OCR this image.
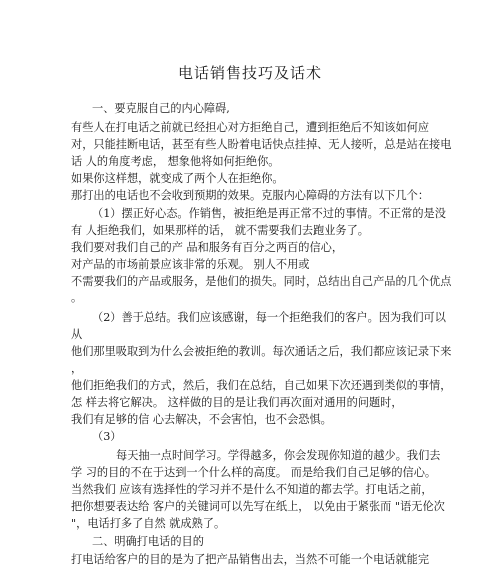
电话销售技巧及话术
一、要克服自己的内心障碍,
有些人在打电话之前就已经担心对方拒绝自己，遭到拒绝后不知该如何应
对，只能挂断电话，甚至有些人盼着电话快点挂掉、无人接听，总是站在接电
话 人的角度考虑， 想象他将如何拒绝你。
如果你这样想，就变成了两个人在拒绝你。
那打出的电话也不会收到预期的效果。克服内心障碍的方法有以下几个：
（1）摆正好心态。作销售，被拒绝是再正常不过的事情。不正常的是没
有 人拒绝我们，如果那样的话， 就不需要我们去跑业务了。
我们要对我们自己的产 品和服务有百分之两百的信心，
对产品的市场前景应该非常的乐观。 别人不用或
不需要我们的产品或服务，是他们的损失。同时，总结出自己产品的几个优点
。
（2）善于总结。我们应该感谢，每一个拒绝我们的客户。因为我们可以
从
他们那里吸取到为什么会被拒绝的教训。每次通话之后，我们都应该记录下来
，
他们拒绝我们的方式，然后，我们在总结，自己如果下次还遇到类似的事情，
怎 样去将它解决。 这样做的目的是让我们再次面对通用的问题时，
我们有足够的信 心去解决，不会害怕，也不会恐惧。
（3）
每天抽一点时间学习。学得越多，你会发现你知道的越少。我们去
学 习的目的不在于达到一个什么样的高度。 而是给我们自己足够的信心。
当然我们 应该有选择性的学习并不是什么不知道的都去学。打电话之前，
把你想要表达给 客户的关键词可以先写在纸上， 以免由于紧张而 "语无伦次
"，电话打多了自然 就成熟了。
二、明确打电话的目的
打电话给客户的目的是为了把产品销售出去，当然不可能一个电话就能完
